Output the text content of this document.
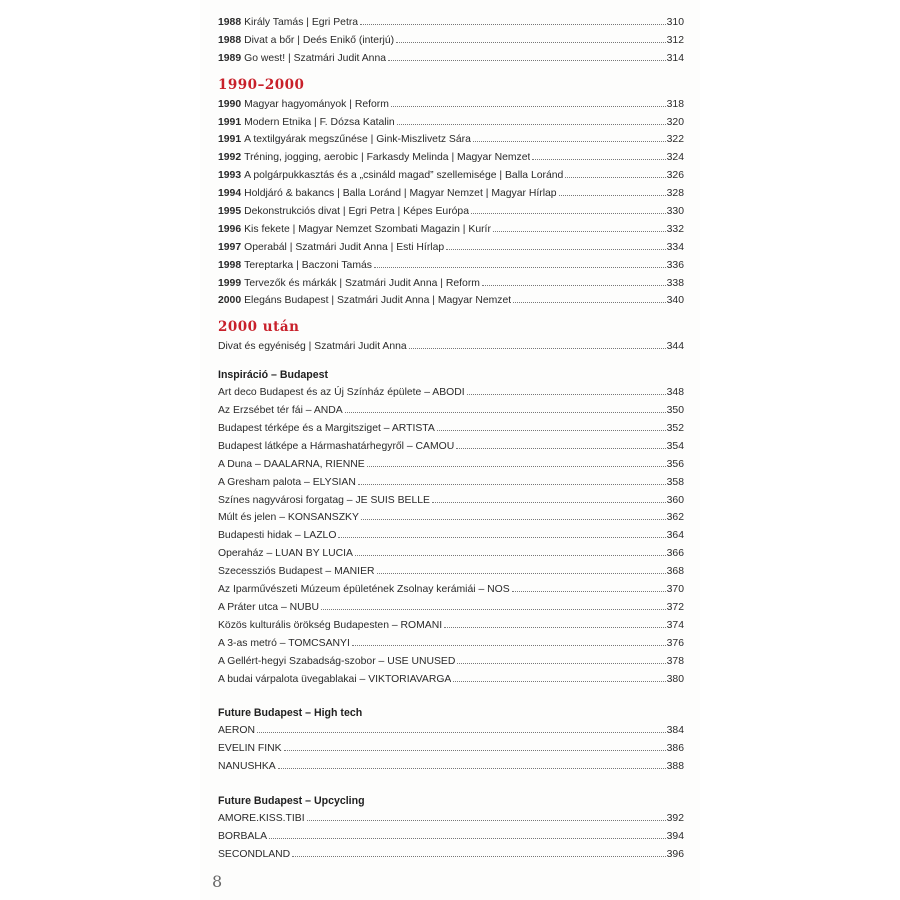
1988 Király Tamás | Egri Petra	310
1988 Divat a bőr | Deés Enikő (interjú)	312
1989 Go west! | Szatmári Judit Anna	314
1990–2000
1990 Magyar hagyományok | Reform	318
1991 Modern Etnika | F. Dózsa Katalin	320
1991 A textilgyárak megszűnése | Gink-Miszlivetz Sára	322
1992 Tréning, jogging, aerobic | Farkasdy Melinda | Magyar Nemzet	324
1993 A polgárpukkasztás és a „csináld magad” szellemisége | Balla Loránd	326
1994 Holdjáró & bakancs | Balla Loránd | Magyar Nemzet | Magyar Hírlap	328
1995 Dekonstrukciós divat | Egri Petra | Képes Európa	330
1996 Kis fekete | Magyar Nemzet Szombati Magazin | Kurír	332
1997 Operabál | Szatmári Judit Anna | Esti Hírlap	334
1998 Tereptarka | Baczoni Tamás	336
1999 Tervezők és márkák | Szatmári Judit Anna | Reform	338
2000 Elegáns Budapest | Szatmári Judit Anna | Magyar Nemzet	340
2000 után
Divat és egyéniség | Szatmári Judit Anna	344
Inspiráció – Budapest
Art deco Budapest és az Új Színház épülete – ABODI	348
Az Erzsébet tér fái – ANDA	350
Budapest térképe és a Margitsziget – ARTISTA	352
Budapest látképe a Hármashatárhegyről – CAMOU	354
A Duna – DAALARNA, RIENNE	356
A Gresham palota – ELYSIAN	358
Színes nagyvárosi forgatag – JE SUIS BELLE	360
Múlt és jelen – KONSANSZKY	362
Budapesti hidak – LAZLO	364
Operaház – LUAN BY LUCIA	366
Szecessziós Budapest – MANIER	368
Az Iparművészeti Múzeum épületének Zsolnay kerámiái – NOS	370
A Práter utca – NUBU	372
Közös kulturális örökség Budapesten – ROMANI	374
A 3-as metró – TOMCSANYI	376
A Gellért-hegyi Szabadság-szobor – USE UNUSED	378
A budai várpalota üvegablakai – VIKTORIAVARGA	380
Future Budapest – High tech
AERON	384
EVELIN FINK	386
NANUSHKA	388
Future Budapest – Upcycling
AMORE.KISS.TIBI	392
BORBALA	394
SECONDLAND	396
8
